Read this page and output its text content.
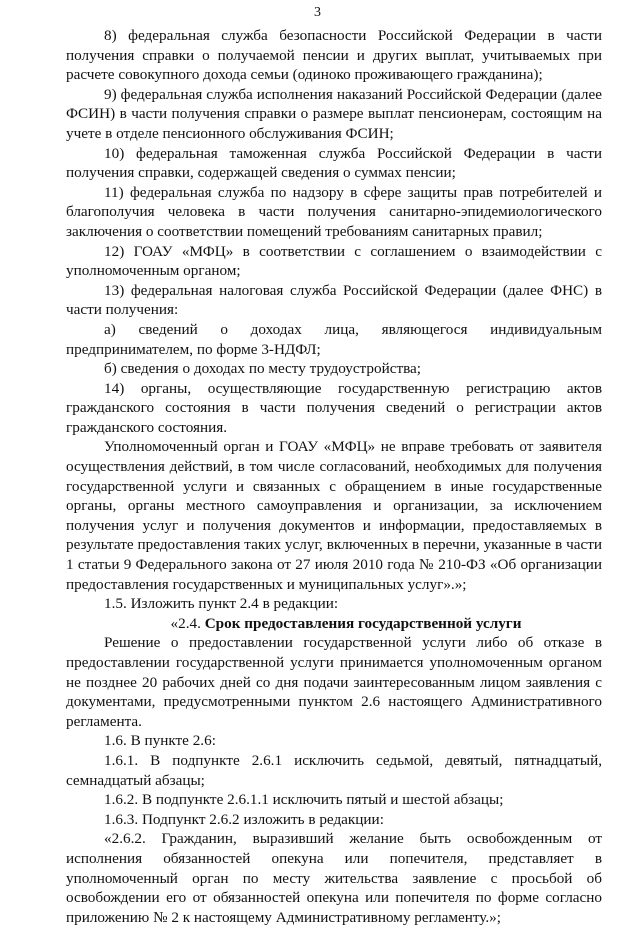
3

8) федеральная служба безопасности Российской Федерации в части получения справки о получаемой пенсии и других выплат, учитываемых при расчете совокупного дохода семьи (одиноко проживающего гражданина);

9) федеральная служба исполнения наказаний Российской Федерации (далее ФСИН) в части получения справки о размере выплат пенсионерам, состоящим на учете в отделе пенсионного обслуживания ФСИН;

10) федеральная таможенная служба Российской Федерации в части получения справки, содержащей сведения о суммах пенсии;

11) федеральная служба по надзору в сфере защиты прав потребителей и благополучия человека в части получения санитарно-эпидемиологического заключения о соответствии помещений требованиям санитарных правил;

12) ГОАУ «МФЦ» в соответствии с соглашением о взаимодействии с уполномоченным органом;

13) федеральная налоговая служба Российской Федерации (далее ФНС) в части получения:

а) сведений о доходах лица, являющегося индивидуальным предпринимателем, по форме 3-НДФЛ;

б) сведения о доходах по месту трудоустройства;

14) органы, осуществляющие государственную регистрацию актов гражданского состояния в части получения сведений о регистрации актов гражданского состояния.

Уполномоченный орган и ГОАУ «МФЦ» не вправе требовать от заявителя осуществления действий, в том числе согласований, необходимых для получения государственной услуги и связанных с обращением в иные государственные органы, органы местного самоуправления и организации, за исключением получения услуг и получения документов и информации, предоставляемых в результате предоставления таких услуг, включенных в перечни, указанные в части 1 статьи 9 Федерального закона от 27 июля 2010 года № 210-ФЗ «Об организации предоставления государственных и муниципальных услуг».»;

1.5. Изложить пункт 2.4 в редакции:

«2.4. Срок предоставления государственной услуги

Решение о предоставлении государственной услуги либо об отказе в предоставлении государственной услуги принимается уполномоченным органом не позднее 20 рабочих дней со дня подачи заинтересованным лицом заявления с документами, предусмотренными пунктом 2.6 настоящего Административного регламента.

1.6. В пункте 2.6:

1.6.1. В подпункте 2.6.1 исключить седьмой, девятый, пятнадцатый, семнадцатый абзацы;

1.6.2. В подпункте 2.6.1.1 исключить пятый и шестой абзацы;

1.6.3. Подпункт 2.6.2 изложить в редакции:

«2.6.2. Гражданин, выразивший желание быть освобожденным от исполнения обязанностей опекуна или попечителя, представляет в уполномоченный орган по месту жительства заявление с просьбой об освобождении его от обязанностей опекуна или попечителя по форме согласно приложению № 2 к настоящему Административному регламенту.»;
